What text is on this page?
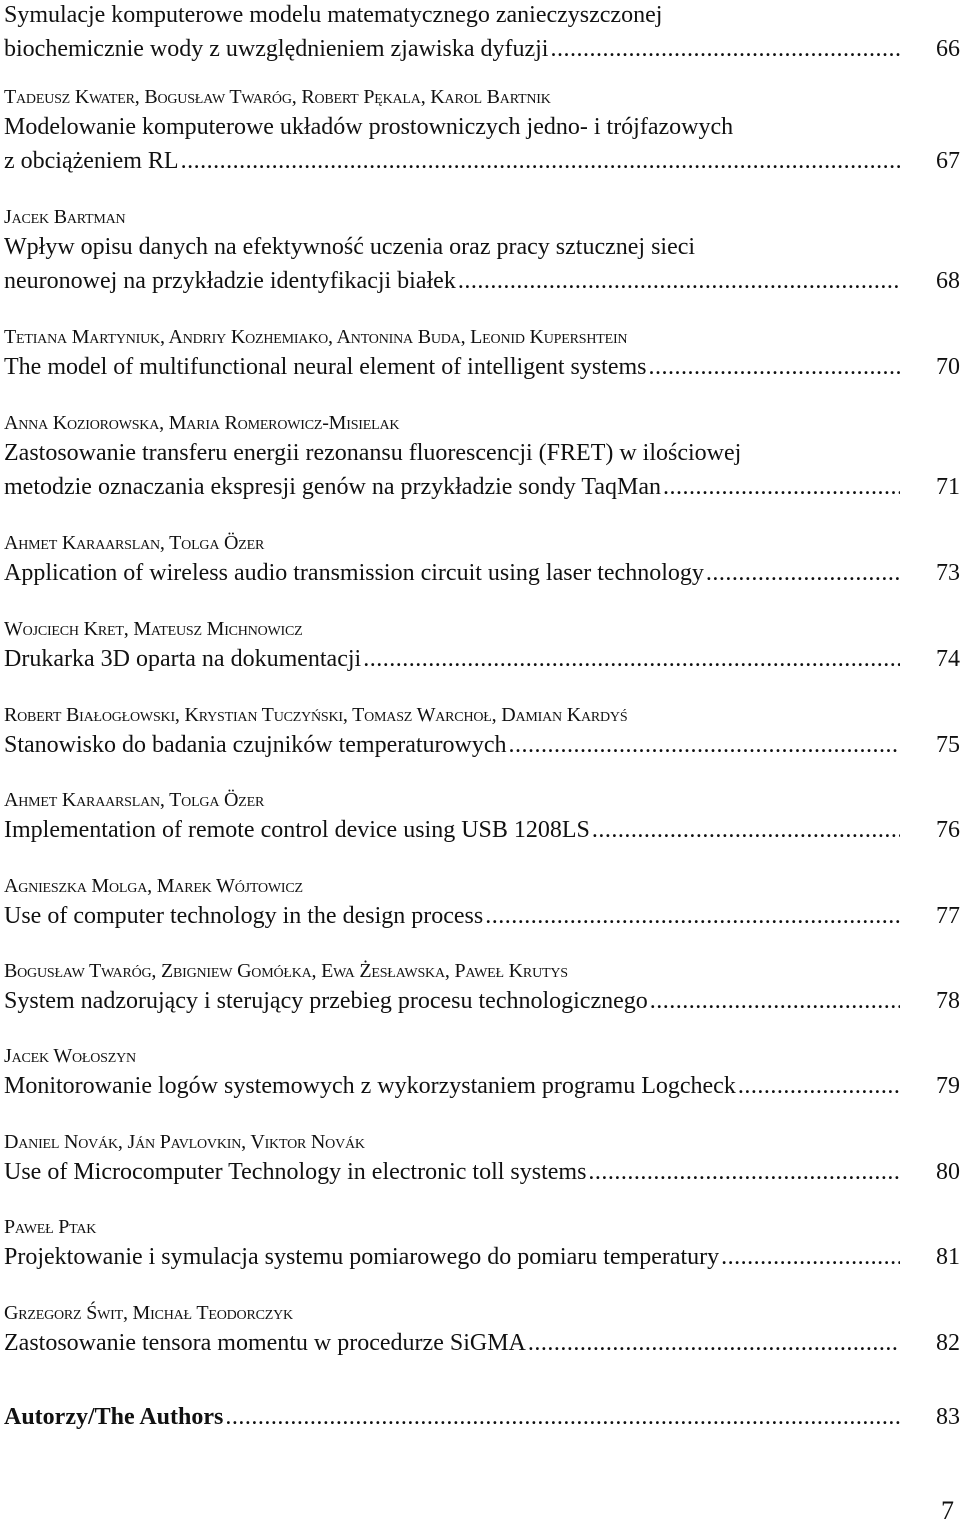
Symulacje komputerowe modelu matematycznego zanieczyszczonej
biochemicznie wody z uwzględnieniem zjawiska dyfuzji .....	66
Tadeusz Kwater, Bogusław Twaróg, Robert Pękala, Karol Bartnik
Modelowanie komputerowe układów prostowniczych jedno- i trójfazowych
z obciążeniem RL .....	67
Jacek Bartman
Wpływ opisu danych na efektywność uczenia oraz pracy sztucznej sieci
neuronowej na przykładzie identyfikacji białek .....	68
Tetiana Martyniuk, Andriy Kozhemiako, Antonina Buda, Leonid Kupershtein
The model of multifunctional neural element of intelligent systems .....	70
Anna Koziorowska, Maria Romerowicz-Misielak
Zastosowanie transferu energii rezonansu fluorescencji (FRET) w ilościowej
metodzie oznaczania ekspresji genów na przykładzie sondy TaqMan .....	71
Ahmet Karaarslan, Tolga Özer
Application of wireless audio transmission circuit using laser technology .....	73
Wojciech Kret, Mateusz Michnowicz
Drukarka 3D oparta na dokumentacji .....	74
Robert Białogłowski, Krystian Tuczyński, Tomasz Warchoł, Damian Kardyś
Stanowisko do badania czujników temperaturowych .....	75
Ahmet Karaarslan, Tolga Özer
Implementation of remote control device using USB 1208LS .....	76
Agnieszka Molga, Marek Wójtowicz
Use of computer technology in the design process .....	77
Bogusław Twaróg, Zbigniew Gomółka, Ewa Żesławska, Paweł Krutys
System nadzorujący i sterujący przebieg procesu technologicznego .....	78
Jacek Wołoszyn
Monitorowanie logów systemowych z wykorzystaniem programu Logcheck .....	79
Daniel Novák, Ján Pavlovkin, Viktor Novák
Use of Microcomputer Technology in electronic toll systems .....	80
Paweł Ptak
Projektowanie i symulacja systemu pomiarowego do pomiaru temperatury .....	81
Grzegorz Świt, Michał Teodorczyk
Zastosowanie tensora momentu w procedurze SiGMA .....	82
Autorzy/The Authors .....	83
7
